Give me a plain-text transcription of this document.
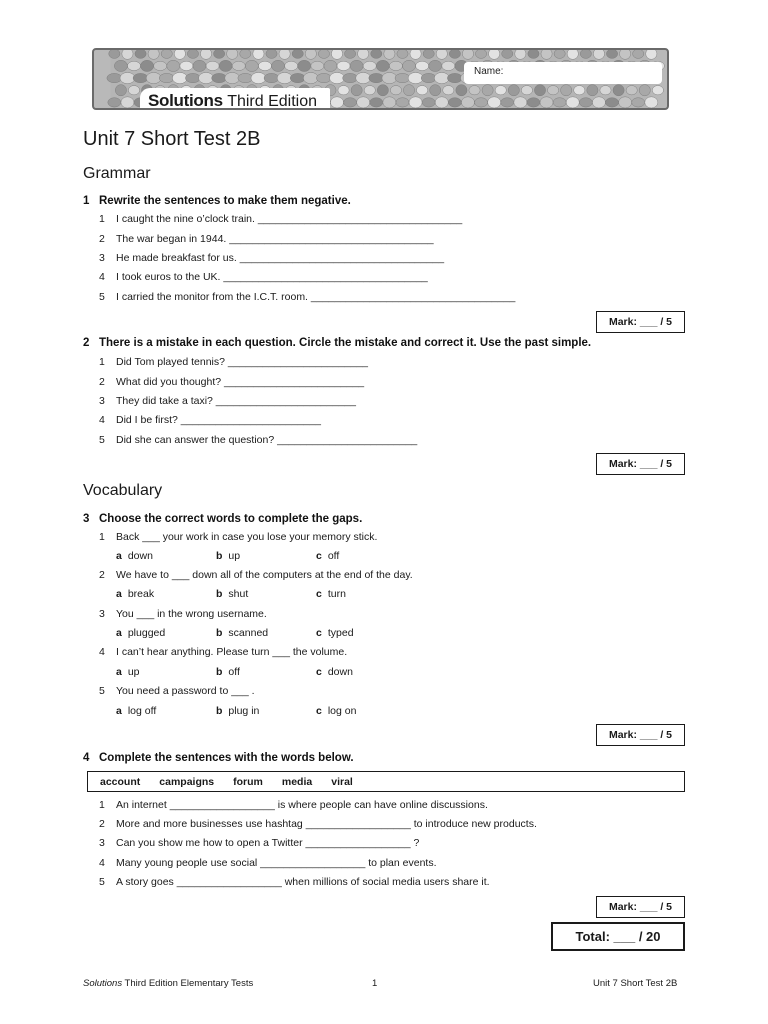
Solutions Third Edition
Name:
Unit 7 Short Test 2B
Grammar
1 Rewrite the sentences to make them negative.
1 I caught the nine o’clock train. ___________________________________
2 The war began in 1944. ___________________________________
3 He made breakfast for us. ___________________________________
4 I took euros to the UK. ___________________________________
5 I carried the monitor from the I.C.T. room. ___________________________________
Mark: ___ / 5
2 There is a mistake in each question. Circle the mistake and correct it. Use the past simple.
1 Did Tom played tennis? ________________________
2 What did you thought? ________________________
3 They did take a taxi? ________________________
4 Did I be first? ________________________
5 Did she can answer the question? ________________________
Mark: ___ / 5
Vocabulary
3 Choose the correct words to complete the gaps.
1 Back ___ your work in case you lose your memory stick.
a down	b up	c off
2 We have to ___ down all of the computers at the end of the day.
a break	b shut	c turn
3 You ___ in the wrong username.
a plugged	b scanned	c typed
4 I can’t hear anything. Please turn ___ the volume.
a up	b off	c down
5 You need a password to ___ .
a log off	b plug in	c log on
Mark: ___ / 5
4 Complete the sentences with the words below.
account campaigns forum media viral
1 An internet __________________ is where people can have online discussions.
2 More and more businesses use hashtag __________________ to introduce new products.
3 Can you show me how to open a Twitter __________________ ?
4 Many young people use social __________________ to plan events.
5 A story goes __________________ when millions of social media users share it.
Mark: ___ / 5
Total: ___ / 20
Solutions Third Edition Elementary Tests	1	Unit 7 Short Test 2B
